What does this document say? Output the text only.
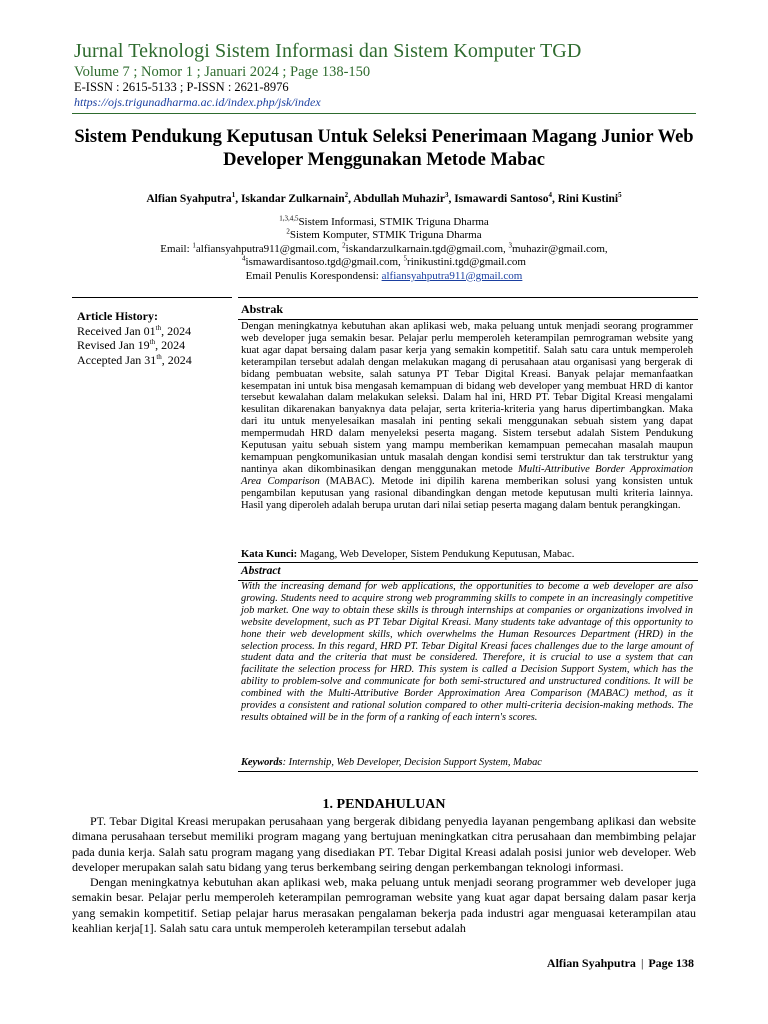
Jurnal Teknologi Sistem Informasi dan Sistem Komputer TGD
Volume 7 ; Nomor 1 ; Januari 2024 ; Page 138-150
E-ISSN : 2615-5133 ; P-ISSN : 2621-8976
https://ojs.trigunadharma.ac.id/index.php/jsk/index
Sistem Pendukung Keputusan Untuk Seleksi Penerimaan Magang Junior Web Developer Menggunakan Metode Mabac
Alfian Syahputra$^1$, Iskandar Zulkarnain$^2$, Abdullah Muhazir$^3$, Ismawardi Santoso$^4$, Rini Kustini$^5$
$^{1,3,4,5}$Sistem Informasi, STMIK Triguna Dharma
$^2$Sistem Komputer, STMIK Triguna Dharma
Email: $^1$alfiansyahputra911@gmail.com, $^2$iskandarzulkarnain.tgd@gmail.com, $^3$muhazir@gmail.com,
$^4$ismawardisantoso.tgd@gmail.com, $^5$rinikustini.tgd@gmail.com
Email Penulis Korespondensi: alfiansyahputra911@gmail.com
Article History:
Received Jan 01th, 2024
Revised Jan 19th, 2024
Accepted Jan 31th, 2024
Abstrak
Dengan meningkatnya kebutuhan akan aplikasi web, maka peluang untuk menjadi seorang programmer web developer juga semakin besar. Pelajar perlu memperoleh keterampilan pemrograman website yang kuat agar dapat bersaing dalam pasar kerja yang semakin kompetitif. Salah satu cara untuk memperoleh keterampilan tersebut adalah dengan melakukan magang di perusahaan atau organisasi yang bergerak di bidang pembuatan website, salah satunya PT Tebar Digital Kreasi. Banyak pelajar memanfaatkan kesempatan ini untuk bisa mengasah kemampuan di bidang web developer yang membuat HRD di kantor tersebut kewalahan dalam melakukan seleksi. Dalam hal ini, HRD PT. Tebar Digital Kreasi mengalami kesulitan dikarenakan banyaknya data pelajar, serta kriteria-kriteria yang harus dipertimbangkan. Maka dari itu untuk menyelesaikan masalah ini penting sekali menggunakan sebuah sistem yang dapat mempermudah HRD dalam menyeleksi peserta magang. Sistem tersebut adalah Sistem Pendukung Keputusan yaitu sebuah sistem yang mampu memberikan kemampuan pemecahan masalah maupun kemampuan pengkomunikasian untuk masalah dengan kondisi semi terstruktur dan tak terstruktur yang nantinya akan dikombinasikan dengan menggunakan metode Multi-Attributive Border Approximation Area Comparison (MABAC). Metode ini dipilih karena memberikan solusi yang konsisten untuk pengambilan keputusan yang rasional dibandingkan dengan metode keputusan multi kriteria lainnya. Hasil yang diperoleh adalah berupa urutan dari nilai setiap peserta magang dalam bentuk perangkingan.
Kata Kunci: Magang, Web Developer, Sistem Pendukung Keputusan, Mabac.
Abstract
With the increasing demand for web applications, the opportunities to become a web developer are also growing. Students need to acquire strong web programming skills to compete in an increasingly competitive job market. One way to obtain these skills is through internships at companies or organizations involved in website development, such as PT Tebar Digital Kreasi. Many students take advantage of this opportunity to hone their web development skills, which overwhelms the Human Resources Department (HRD) in the selection process. In this regard, HRD PT. Tebar Digital Kreasi faces challenges due to the large amount of student data and the criteria that must be considered. Therefore, it is crucial to use a system that can facilitate the selection process for HRD. This system is called a Decision Support System, which has the ability to problem-solve and communicate for both semi-structured and unstructured conditions. It will be combined with the Multi-Attributive Border Approximation Area Comparison (MABAC) method, as it provides a consistent and rational solution compared to other multi-criteria decision-making methods. The results obtained will be in the form of a ranking of each intern's scores.
Keywords: Internship, Web Developer, Decision Support System, Mabac
1. PENDAHULUAN

PT. Tebar Digital Kreasi merupakan perusahaan yang bergerak dibidang penyedia layanan pengembang aplikasi dan website dimana perusahaan tersebut memiliki program magang yang bertujuan meningkatkan citra perusahaan dan membimbing pelajar pada dunia kerja. Salah satu program magang yang disediakan PT. Tebar Digital Kreasi adalah posisi junior web developer. Web developer merupakan salah satu bidang yang terus berkembang seiring dengan perkembangan teknologi informasi.

Dengan meningkatnya kebutuhan akan aplikasi web, maka peluang untuk menjadi seorang programmer web developer juga semakin besar. Pelajar perlu memperoleh keterampilan pemrograman website yang kuat agar dapat bersaing dalam pasar kerja yang semakin kompetitif. Setiap pelajar harus merasakan pengalaman bekerja pada industri agar menguasai keterampilan atau keahlian kerja[1]. Salah satu cara untuk memperoleh keterampilan tersebut adalah

Alfian Syahputra | Page 138
